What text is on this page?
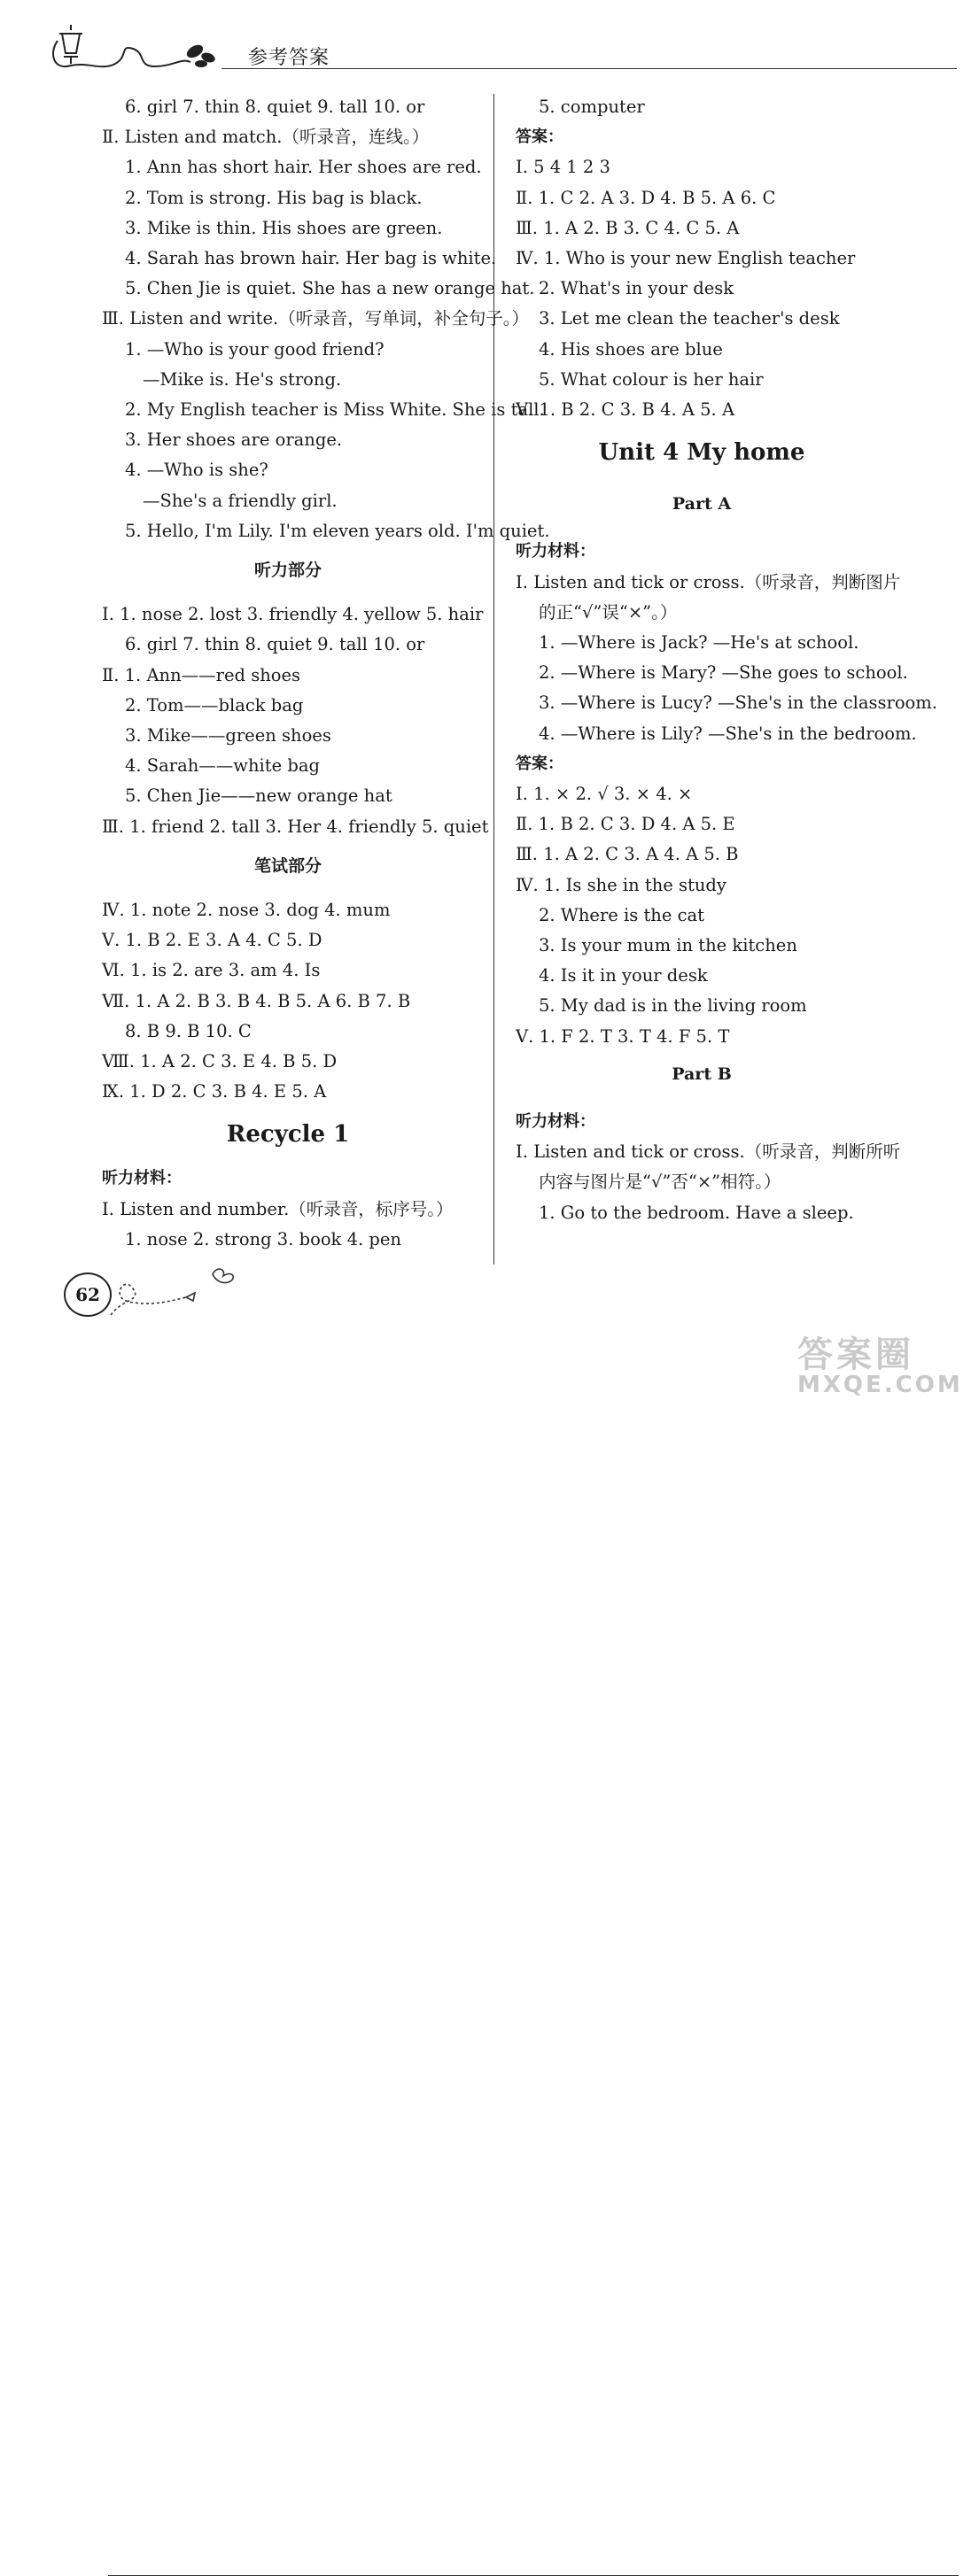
参考答案
6. girl 7. thin 8. quiet 9. tall 10. or
Ⅱ. Listen and match.（听录音，连线。）
1. Ann has short hair. Her shoes are red.
2. Tom is strong. His bag is black.
3. Mike is thin. His shoes are green.
4. Sarah has brown hair. Her bag is white.
5. Chen Jie is quiet. She has a new orange hat.
Ⅲ. Listen and write.（听录音，写单词，补全句子。）
1. —Who is your good friend?
—Mike is. He's strong.
2. My English teacher is Miss White. She is tall.
3. Her shoes are orange.
4. —Who is she?
—She's a friendly girl.
5. Hello, I'm Lily. I'm eleven years old. I'm quiet.
听力部分
Ⅰ. 1. nose 2. lost 3. friendly 4. yellow 5. hair
6. girl 7. thin 8. quiet 9. tall 10. or
Ⅱ. 1. Ann——red shoes
2. Tom——black bag
3. Mike——green shoes
4. Sarah——white bag
5. Chen Jie——new orange hat
Ⅲ. 1. friend 2. tall 3. Her 4. friendly 5. quiet
笔试部分
Ⅳ. 1. note 2. nose 3. dog 4. mum
Ⅴ. 1. B 2. E 3. A 4. C 5. D
Ⅵ. 1. is 2. are 3. am 4. Is
Ⅶ. 1. A 2. B 3. B 4. B 5. A 6. B 7. B
8. B 9. B 10. C
Ⅷ. 1. A 2. C 3. E 4. B 5. D
Ⅸ. 1. D 2. C 3. B 4. E 5. A
Recycle 1
听力材料：
Ⅰ. Listen and number.（听录音，标序号。）
1. nose 2. strong 3. book 4. pen
5. computer
答案：
Ⅰ. 5 4 1 2 3
Ⅱ. 1. C 2. A 3. D 4. B 5. A 6. C
Ⅲ. 1. A 2. B 3. C 4. C 5. A
Ⅳ. 1. Who is your new English teacher
2. What's in your desk
3. Let me clean the teacher's desk
4. His shoes are blue
5. What colour is her hair
Ⅴ. 1. B 2. C 3. B 4. A 5. A
Unit 4 My home
Part A
听力材料：
Ⅰ. Listen and tick or cross.（听录音，判断图片
的正“√”误“×”。）
1. —Where is Jack? —He's at school.
2. —Where is Mary? —She goes to school.
3. —Where is Lucy? —She's in the classroom.
4. —Where is Lily? —She's in the bedroom.
答案：
Ⅰ. 1. × 2. √ 3. × 4. ×
Ⅱ. 1. B 2. C 3. D 4. A 5. E
Ⅲ. 1. A 2. C 3. A 4. A 5. B
Ⅳ. 1. Is she in the study
2. Where is the cat
3. Is your mum in the kitchen
4. Is it in your desk
5. My dad is in the living room
Ⅴ. 1. F 2. T 3. T 4. F 5. T
Part B
听力材料：
Ⅰ. Listen and tick or cross.（听录音，判断所听
内容与图片是“√”否“×”相符。）
1. Go to the bedroom. Have a sleep.
62
答案圈
MXQE.COM
